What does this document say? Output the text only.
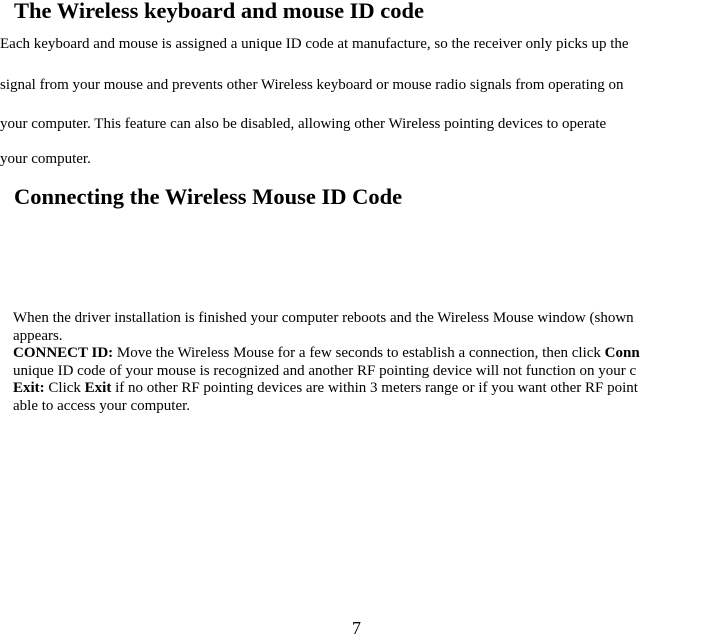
The Wireless keyboard and mouse ID code
Each keyboard and mouse is assigned a unique ID code at manufacture, so the receiver only picks up the
signal from your mouse and prevents other Wireless keyboard or mouse radio signals from operating on
your computer. This feature can also be disabled, allowing other Wireless pointing devices to operate
your computer.
Connecting the Wireless Mouse ID Code
When the driver installation is finished your computer reboots and the Wireless Mouse window (shown
appears.
CONNECT ID: Move the Wireless Mouse for a few seconds to establish a connection, then click Conn
unique ID code of your mouse is recognized and another RF pointing device will not function on your c
Exit: Click Exit if no other RF pointing devices are within 3 meters range or if you want other RF point
able to access your computer.
7
